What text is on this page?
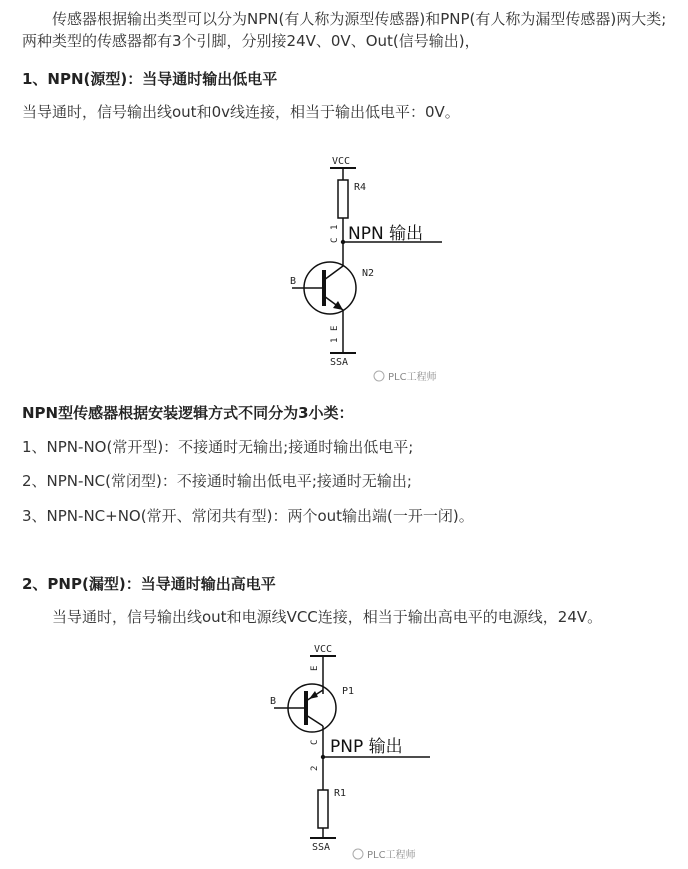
传感器根据输出类型可以分为NPN(有人称为源型传感器)和PNP(有人称为漏型传感器)两大类;两种类型的传感器都有3个引脚，分别接24V、0V、Out(信号输出)，

1、NPN(源型)：当导通时输出低电平

当导通时，信号输出线out和0v线连接，相当于输出低电平：0V。

VCC
R4
C
1 NPN 输出
B
N2
E
1
SSA
PLC工程师

NPN型传感器根据安装逻辑方式不同分为3小类：

1、NPN-NO(常开型)：不接通时无输出;接通时输出低电平;

2、NPN-NC(常闭型)：不接通时输出低电平;接通时无输出;

3、NPN-NC+NO(常开、常闭共有型)：两个out输出端(一开一闭)。

2、PNP(漏型)：当导通时输出高电平

当导通时，信号输出线out和电源线VCC连接，相当于输出高电平的电源线，24V。

VCC
E
B
P1
C
2
PNP 输出
R1
SSA
PLC工程师
